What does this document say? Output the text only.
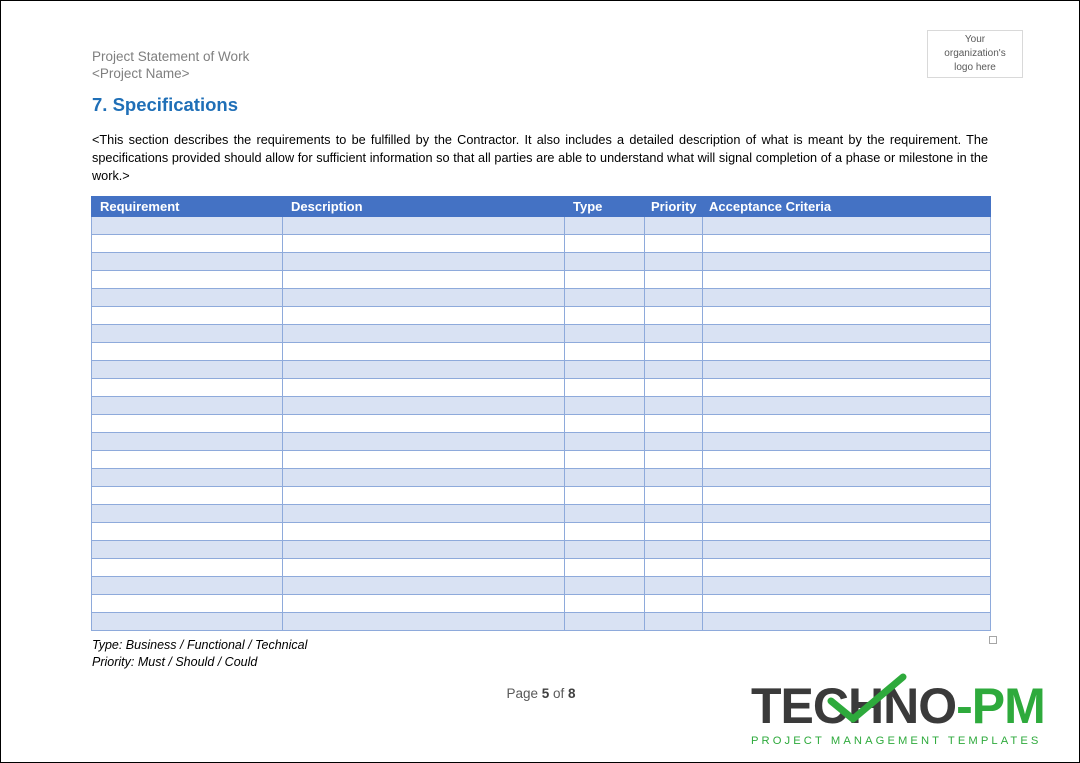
Project Statement of Work
<Project Name>
Your organization's logo here
7. Specifications
<This section describes the requirements to be fulfilled by the Contractor. It also includes a detailed description of what is meant by the requirement. The specifications provided should allow for sufficient information so that all parties are able to understand what will signal completion of a phase or milestone in the work.>
Requirement	Description	Type	Priority	Acceptance Criteria

Type: Business / Functional / Technical
Priority: Must / Should / Could
Page 5 of 8	TECHNO-PM
PROJECT MANAGEMENT TEMPLATES
